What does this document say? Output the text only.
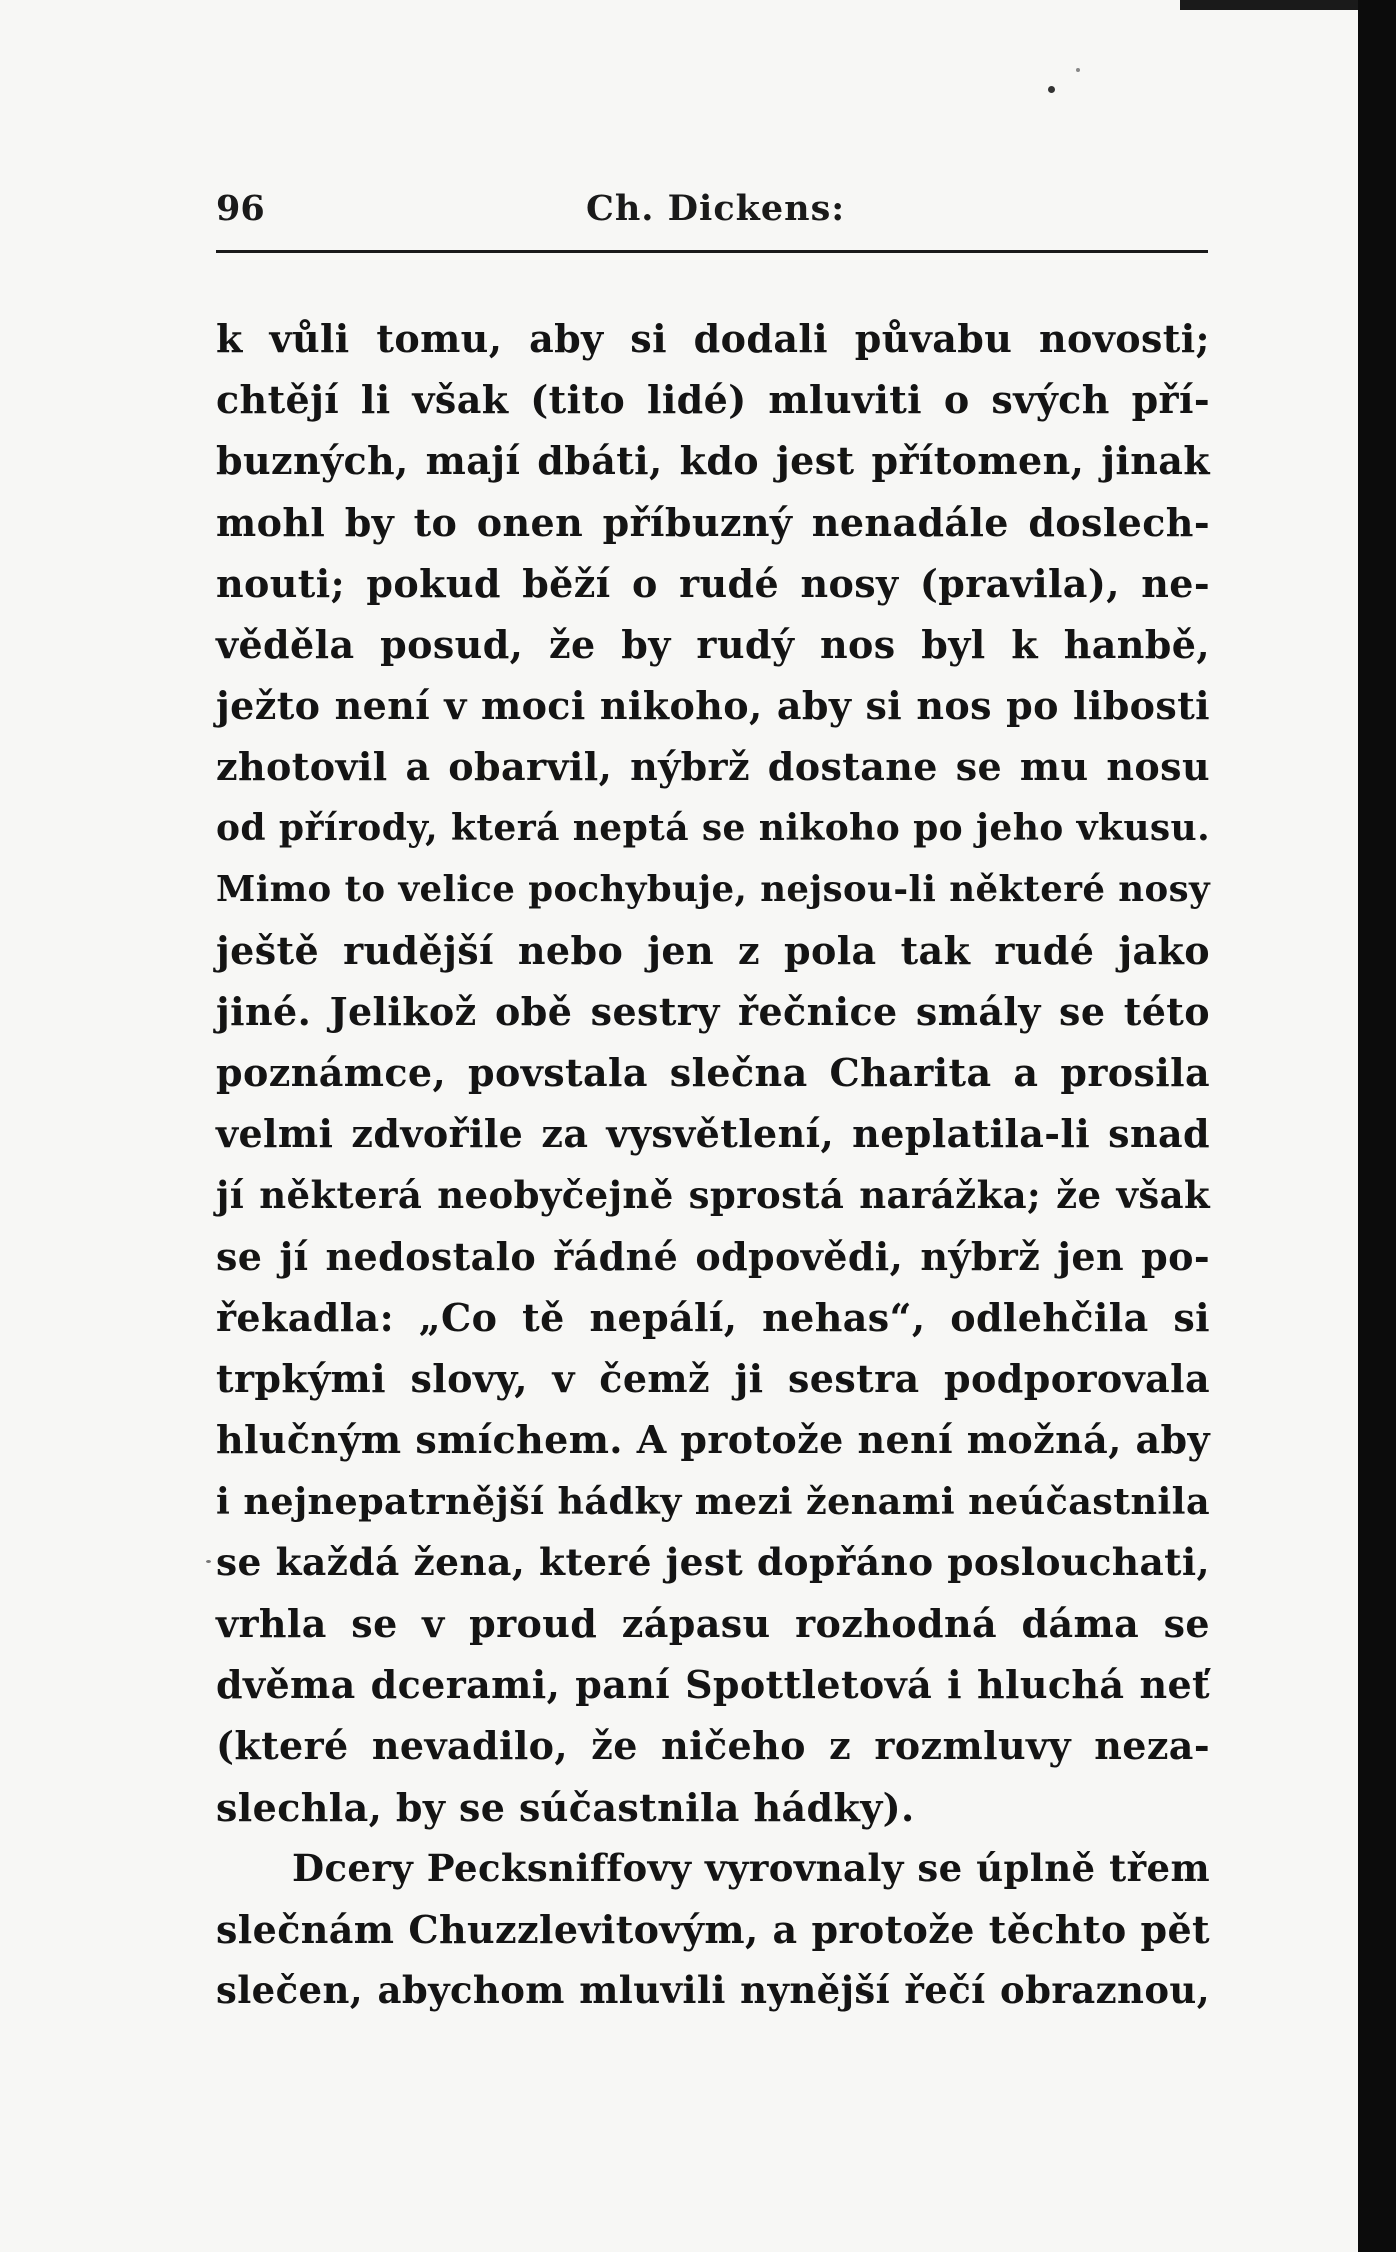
96	Ch. Dickens:
k vůli tomu, aby si dodali půvabu novosti;
chtějí li však (tito lidé) mluviti o svých pří-
buzných, mají dbáti, kdo jest přítomen, jinak
mohl by to onen příbuzný nenadále doslech-
nouti; pokud běží o rudé nosy (pravila), ne-
věděla posud, že by rudý nos byl k hanbě,
ježto není v moci nikoho, aby si nos po libosti
zhotovil a obarvil, nýbrž dostane se mu nosu
od přírody, která neptá se nikoho po jeho vkusu.
Mimo to velice pochybuje, nejsou-li některé nosy
ještě rudější nebo jen z pola tak rudé jako
jiné. Jelikož obě sestry řečnice smály se této
poznámce, povstala slečna Charita a prosila
velmi zdvořile za vysvětlení, neplatila-li snad
jí některá neobyčejně sprostá narážka; že však
se jí nedostalo řádné odpovědi, nýbrž jen po-
řekadla: „Co tě nepálí, nehas“, odlehčila si
trpkými slovy, v čemž ji sestra podporovala
hlučným smíchem. A protože není možná, aby
i nejnepatrnější hádky mezi ženami neúčastnila
se každá žena, které jest dopřáno poslouchati,
vrhla se v proud zápasu rozhodná dáma se
dvěma dcerami, paní Spottletová i hluchá neť
(které nevadilo, že ničeho z rozmluvy neza-
slechla, by se súčastnila hádky).
Dcery Pecksniffovy vyrovnaly se úplně třem
slečnám Chuzzlevitovým, a protože těchto pět
slečen, abychom mluvili nynější řečí obraznou,
